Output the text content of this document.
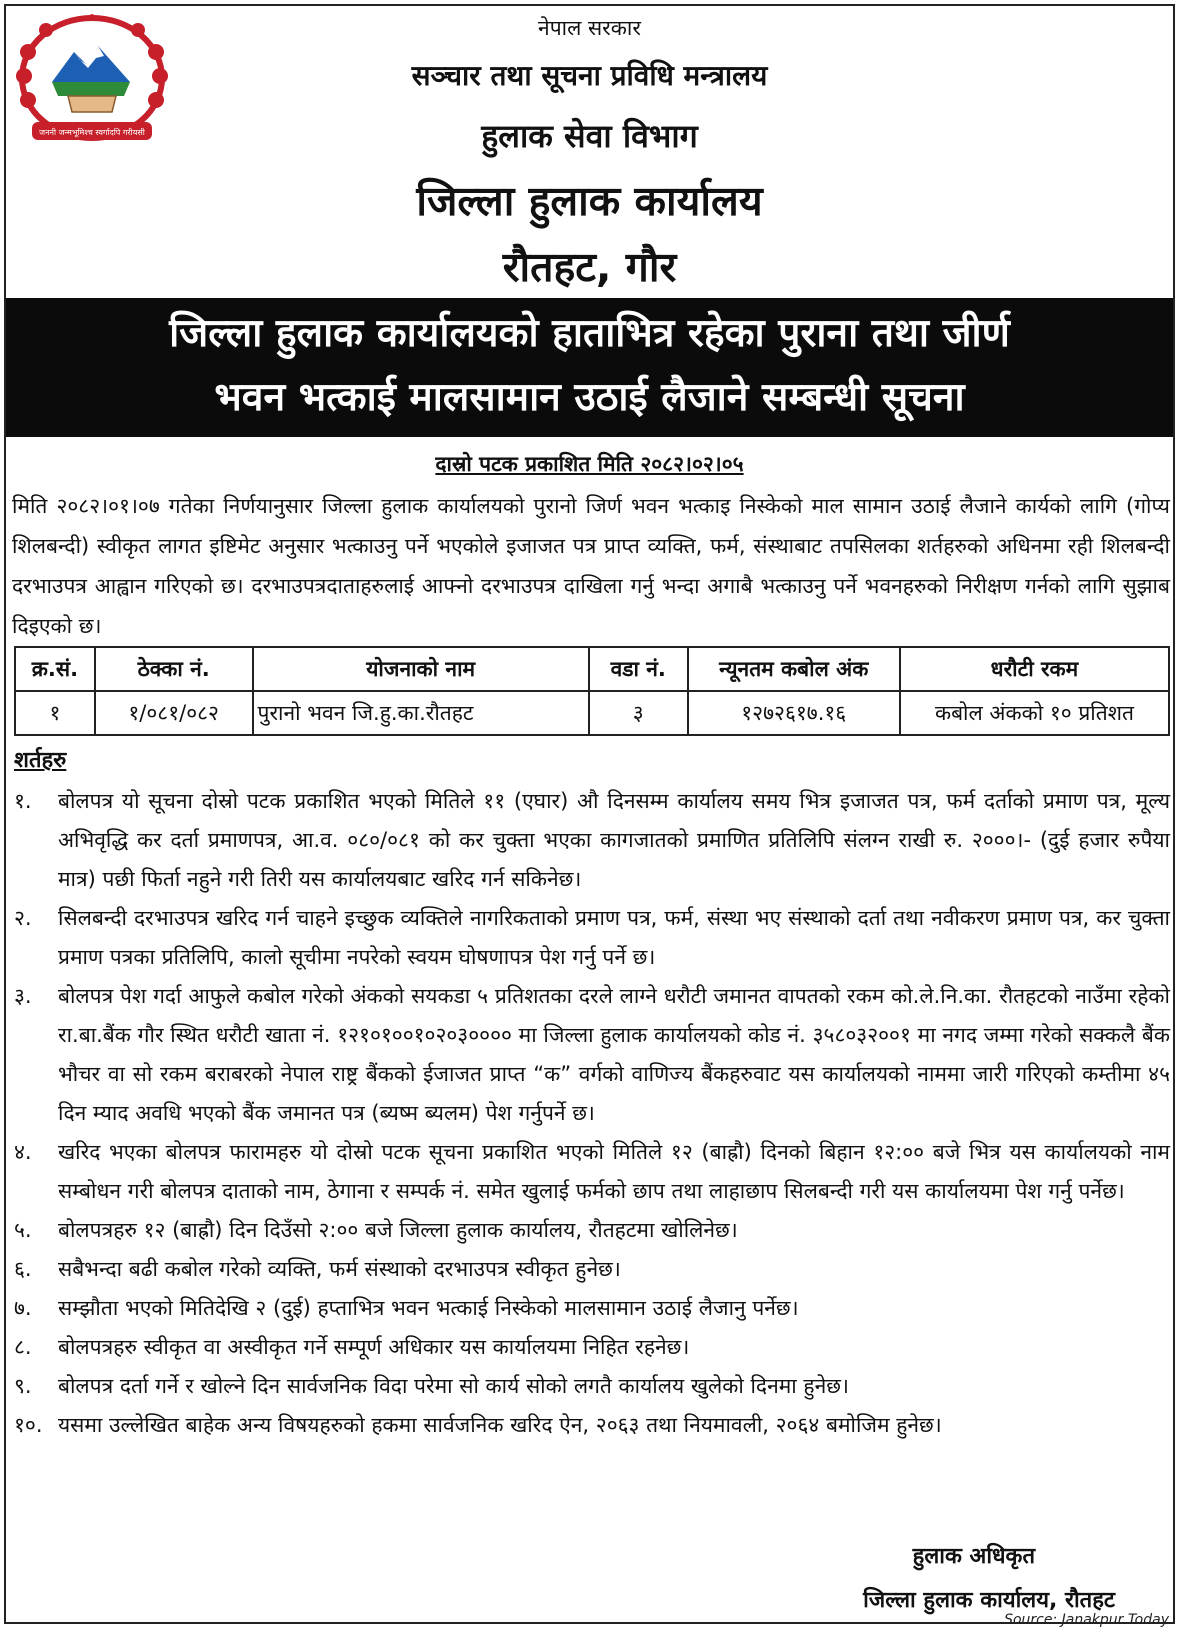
जननी जन्मभूमिश्च स्वर्गादपि गरीयसी
नेपाल सरकार
सञ्चार तथा सूचना प्रविधि मन्त्रालय
हुलाक सेवा विभाग
जिल्ला हुलाक कार्यालय
रौतहट, गौर
जिल्ला हुलाक कार्यालयको हाताभित्र रहेका पुराना तथा जीर्ण
भवन भत्काई मालसामान उठाई लैजाने सम्बन्धी सूचना
दास्रो पटक प्रकाशित मिति २०८२।०२।०५
मिति २०८२।०१।०७ गतेका निर्णयानुसार जिल्ला हुलाक कार्यालयको पुरानो जिर्ण भवन भत्काइ निस्केको माल सामान उठाई लैजाने कार्यको लागि (गोप्य शिलबन्दी) स्वीकृत लागत इष्टिमेट अनुसार भत्काउनु पर्ने भएकोले इजाजत पत्र प्राप्त व्यक्ति, फर्म, संस्थाबाट तपसिलका शर्तहरुको अधिनमा रही शिलबन्दी दरभाउपत्र आह्वान गरिएको छ। दरभाउपत्रदाताहरुलाई आफ्नो दरभाउपत्र दाखिला गर्नु भन्दा अगाबै भत्काउनु पर्ने भवनहरुको निरीक्षण गर्नको लागि सुझाब दिइएको छ।
क्र.सं.	ठेक्का नं.	योजनाको नाम	वडा नं.	न्यूनतम कबोल अंक	धरौटी रकम
१	१/०८१/०८२	पुरानो भवन जि.हु.का.रौतहट	३	१२७२६१७.१६	कबोल अंकको १० प्रतिशत
शर्तहरु
१.	बोलपत्र यो सूचना दोस्रो पटक प्रकाशित भएको मितिले ११ (एघार) औ दिनसम्म कार्यालय समय भित्र इजाजत पत्र, फर्म दर्ताको प्रमाण पत्र, मूल्य अभिवृद्धि कर दर्ता प्रमाणपत्र, आ.व. ०८०/०८१ को कर चुक्ता भएका कागजातको प्रमाणित प्रतिलिपि संलग्न राखी रु. २०००।- (दुई हजार रुपैया मात्र) पछी फिर्ता नहुने गरी तिरी यस कार्यालयबाट खरिद गर्न सकिनेछ।
२.	सिलबन्दी दरभाउपत्र खरिद गर्न चाहने इच्छुक व्यक्तिले नागरिकताको प्रमाण पत्र, फर्म, संस्था भए संस्थाको दर्ता तथा नवीकरण प्रमाण पत्र, कर चुक्ता प्रमाण पत्रका प्रतिलिपि, कालो सूचीमा नपरेको स्वयम घोषणापत्र पेश गर्नु पर्ने छ।
३.	बोलपत्र पेश गर्दा आफुले कबोल गरेको अंकको सयकडा ५ प्रतिशतका दरले लाग्ने धरौटी जमानत वापतको रकम को.ले.नि.का. रौतहटको नाउँमा रहेको रा.बा.बैंक गौर स्थित धरौटी खाता नं. १२१०१००१०२०३०००० मा जिल्ला हुलाक कार्यालयको कोड नं. ३५८०३२००१ मा नगद जम्मा गरेको सक्कलै बैंक भौचर वा सो रकम बराबरको नेपाल राष्ट्र बैंकको ईजाजत प्राप्त “क” वर्गको वाणिज्य बैंकहरुवाट यस कार्यालयको नाममा जारी गरिएको कम्तीमा ४५ दिन म्याद अवधि भएको बैंक जमानत पत्र (ब्यष्म ब्यलम) पेश गर्नुपर्ने छ।
४.	खरिद भएका बोलपत्र फारामहरु यो दोस्रो पटक सूचना प्रकाशित भएको मितिले १२ (बाह्रौ) दिनको बिहान १२:०० बजे भित्र यस कार्यालयको नाम सम्बोधन गरी बोलपत्र दाताको नाम, ठेगाना र सम्पर्क नं. समेत खुलाई फर्मको छाप तथा लाहाछाप सिलबन्दी गरी यस कार्यालयमा पेश गर्नु पर्नेछ।
५.	बोलपत्रहरु १२ (बाह्रौ) दिन दिउँसो २:०० बजे जिल्ला हुलाक कार्यालय, रौतहटमा खोलिनेछ।
६.	सबैभन्दा बढी कबोल गरेको व्यक्ति, फर्म संस्थाको दरभाउपत्र स्वीकृत हुनेछ।
७.	सम्झौता भएको मितिदेखि २ (दुई) हप्ताभित्र भवन भत्काई निस्केको मालसामान उठाई लैजानु पर्नेछ।
८.	बोलपत्रहरु स्वीकृत वा अस्वीकृत गर्ने सम्पूर्ण अधिकार यस कार्यालयमा निहित रहनेछ।
९.	बोलपत्र दर्ता गर्ने र खोल्ने दिन सार्वजनिक विदा परेमा सो कार्य सोको लगतै कार्यालय खुलेको दिनमा हुनेछ।
१०. यसमा उल्लेखित बाहेक अन्य विषयहरुको हकमा सार्वजनिक खरिद ऐन, २०६३ तथा नियमावली, २०६४ बमोजिम हुनेछ।
हुलाक अधिकृत
जिल्ला हुलाक कार्यालय, रौतहट
Source: Janakpur Today
